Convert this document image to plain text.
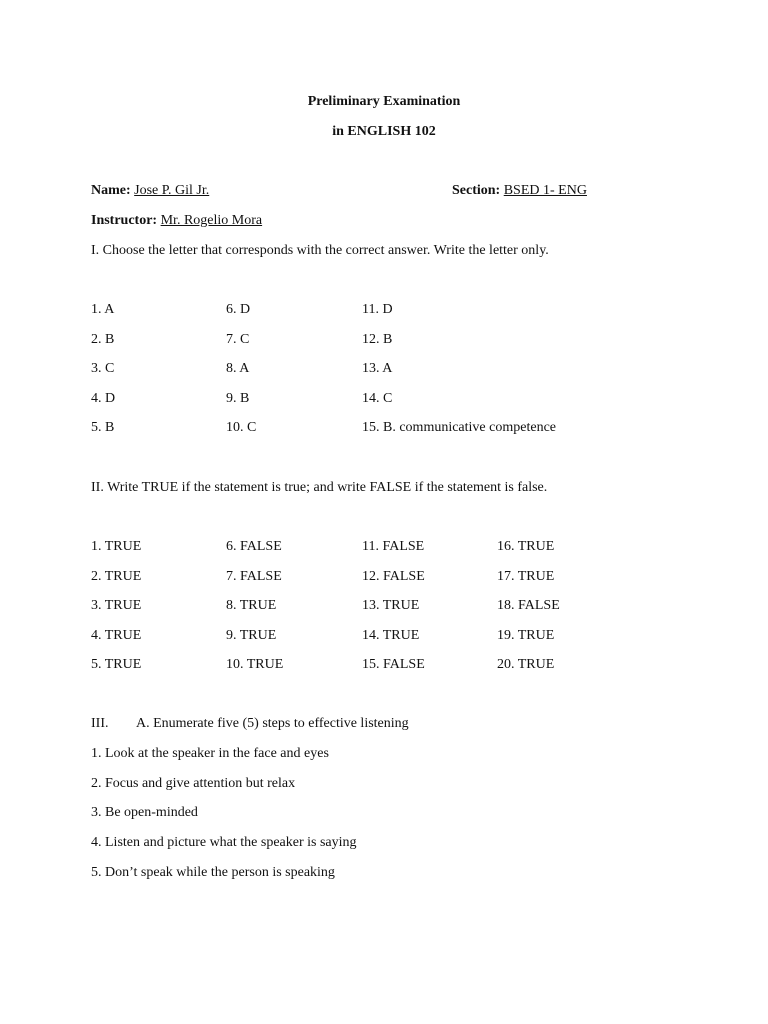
Preliminary Examination
in ENGLISH 102
Name: Jose P. Gil Jr.	Section: BSED 1- ENG
Instructor: Mr. Rogelio Mora
I. Choose the letter that corresponds with the correct answer. Write the letter only.
1. A
2. B
3. C
4. D
5. B
6. D
7. C
8. A
9. B
10. C
11. D
12. B
13. A
14. C
15. B. communicative competence
II. Write TRUE if the statement is true; and write FALSE if the statement is false.
1. TRUE
2. TRUE
3. TRUE
4. TRUE
5. TRUE
6. FALSE
7. FALSE
8. TRUE
9. TRUE
10. TRUE
11. FALSE
12. FALSE
13. TRUE
14. TRUE
15. FALSE
16. TRUE
17. TRUE
18. FALSE
19. TRUE
20. TRUE
III. A. Enumerate five (5) steps to effective listening
1. Look at the speaker in the face and eyes
2. Focus and give attention but relax
3. Be open-minded
4. Listen and picture what the speaker is saying
5. Don’t speak while the person is speaking
